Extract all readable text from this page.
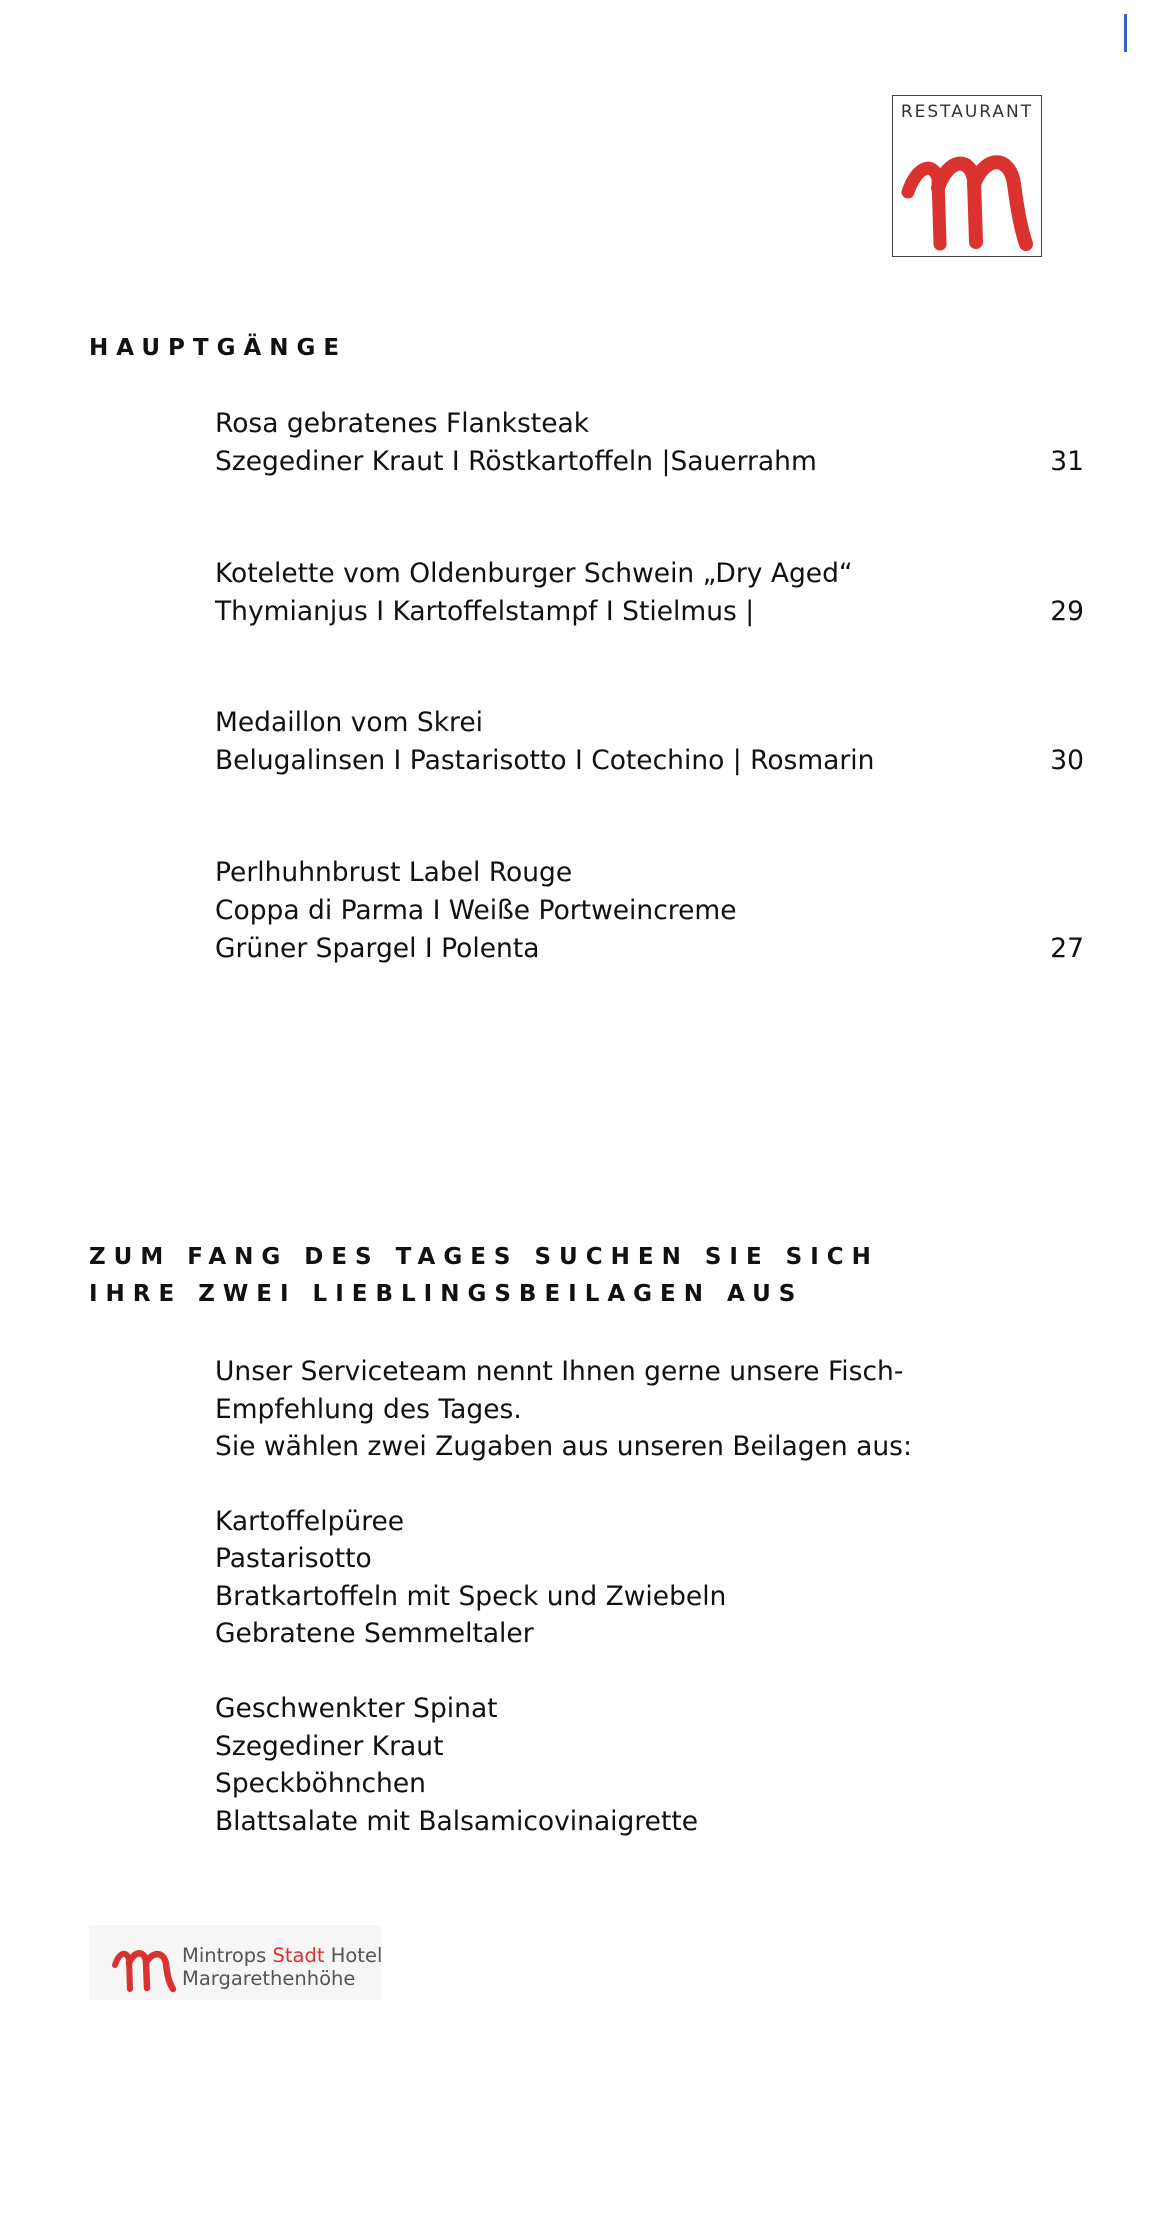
RESTAURANT
HAUPTGÄNGE
Rosa gebratenes Flanksteak
Szegediner Kraut I Röstkartoffeln |Sauerrahm	31
Kotelette vom Oldenburger Schwein „Dry Aged“
Thymianjus I Kartoffelstampf I Stielmus |	29
Medaillon vom Skrei
Belugalinsen I Pastarisotto I Cotechino | Rosmarin	30
Perlhuhnbrust Label Rouge
Coppa di Parma I Weiße Portweincreme
Grüner Spargel I Polenta	27
ZUM FANG DES TAGES SUCHEN SIE SICH
IHRE ZWEI LIEBLINGSBEILAGEN AUS
Unser Serviceteam nennt Ihnen gerne unsere Fisch-
Empfehlung des Tages.
Sie wählen zwei Zugaben aus unseren Beilagen aus:
Kartoffelpüree
Pastarisotto
Bratkartoffeln mit Speck und Zwiebeln
Gebratene Semmeltaler
Geschwenkter Spinat
Szegediner Kraut
Speckböhnchen
Blattsalate mit Balsamicovinaigrette
Mintrops Stadt Hotel
Margarethenhöhe
